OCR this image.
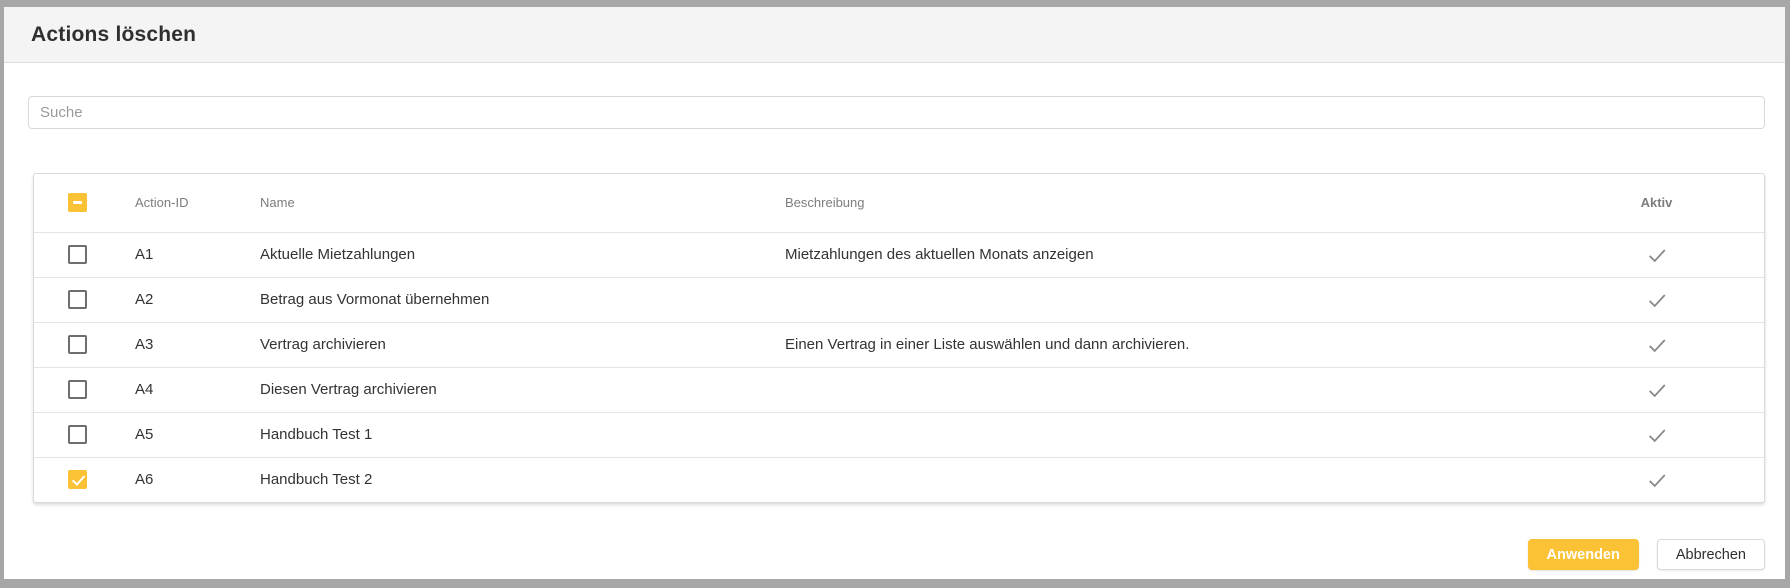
Actions löschen
Suche
	Action-ID	Name	Beschreibung	Aktiv
	A1	Aktuelle Mietzahlungen	Mietzahlungen des aktuellen Monats anzeigen	
	A2	Betrag aus Vormonat übernehmen		
	A3	Vertrag archivieren	Einen Vertrag in einer Liste auswählen und dann archivieren.	
	A4	Diesen Vertrag archivieren		
	A5	Handbuch Test 1		
	A6	Handbuch Test 2		
Anwenden	Abbrechen
